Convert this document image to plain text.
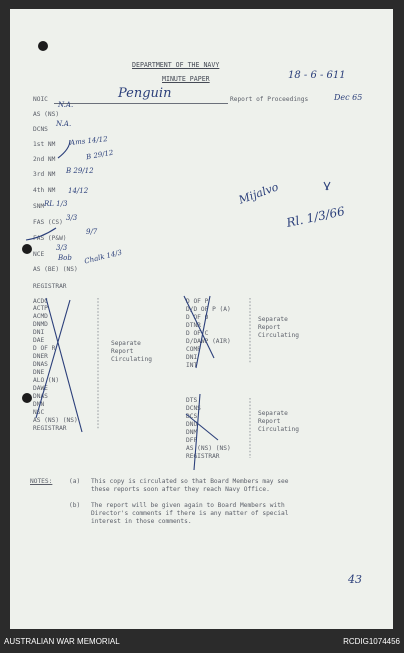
DEPARTMENT OF THE NAVY
MINUTE PAPER
NOIC	Report of Proceedings
18 - 6 - 611
Penguin	Dec 65
Mijalvo
Rl. 1/3/66
43
N.A.
N.A.
Ams 14/12
B 29/12
B 29/12
14/12
RL 1/3
3/3
9/7
3/3
Bob Chalk 14/3
AS (NS)
DCNS
1st NM
2nd NM
3rd NM
4th NM
SNM
FAS (CS)
FAS (P&W)
NCE
AS (BE) (NS)
REGISTRAR
ACDC
ACTP
ACMD
DNMD
DNI
DAE
D OF R
DNER
DNAS
DNE
ALO (N)
DAWE
DNAS
DNN
NSC
AS (NS) (NS)
REGISTRAR
Separate
Report
Circulating
D OF P
D/D OF P (A)
D OF O
DTNR
D OF C
D/DAWP (AIR)
COMP
DNI
INT
Separate
Report
Circulating
DTS
DCNS
DCS
DNU
DNM
DFP
AS (NS) (NS)
REGISTRAR
Separate
Report
Circulating
NOTES:	(a) This copy is circulated so that Board Members may see
these reports soon after they reach Navy Office.
(b) The report will be given again to Board Members with
Director's comments if there is any matter of special
interest in those comments.
AUSTRALIAN WAR MEMORIAL	RCDIG1074456
